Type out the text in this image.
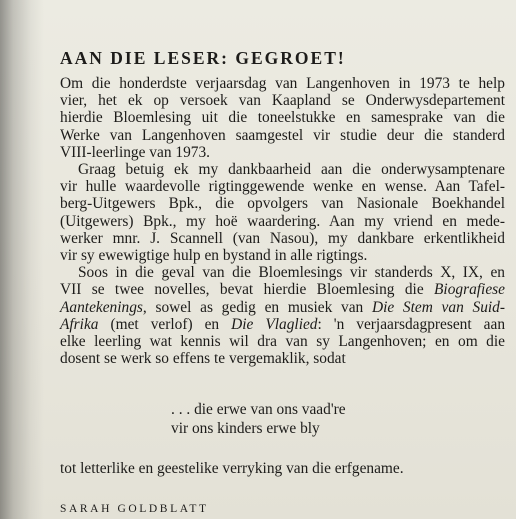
AAN DIE LESER: GEGROET!

Om die honderdste verjaarsdag van Langenhoven in 1973 te help
vier, het ek op versoek van Kaapland se Onderwysdepartement
hierdie Bloemlesing uit die toneelstukke en samesprake van die
Werke van Langenhoven saamgestel vir studie deur die standerd
VIII-leerlinge van 1973.

Graag betuig ek my dankbaarheid aan die onderwysamptenare
vir hulle waardevolle rigtinggewende wenke en wense. Aan Tafel-
berg-Uitgewers Bpk., die opvolgers van Nasionale Boekhandel
(Uitgewers) Bpk., my hoë waardering. Aan my vriend en mede-
werker mnr. J. Scannell (van Nasou), my dankbare erkentlikheid
vir sy ewewigtige hulp en bystand in alle rigtings.

Soos in die geval van die Bloemlesings vir standerds X, IX, en
VII se twee novelles, bevat hierdie Bloemlesing die Biografiese
Aantekenings, sowel as gedig en musiek van Die Stem van Suid-
Afrika (met verlof) en Die Vlaglied: 'n verjaarsdagpresent aan
elke leerling wat kennis wil dra van sy Langenhoven; en om die
dosent se werk so effens te vergemaklik, sodat

. . . die erwe van ons vaad're
vir ons kinders erwe bly
tot letterlike en geestelike verryking van die erfgename.
SARAH GOLDBLATT
